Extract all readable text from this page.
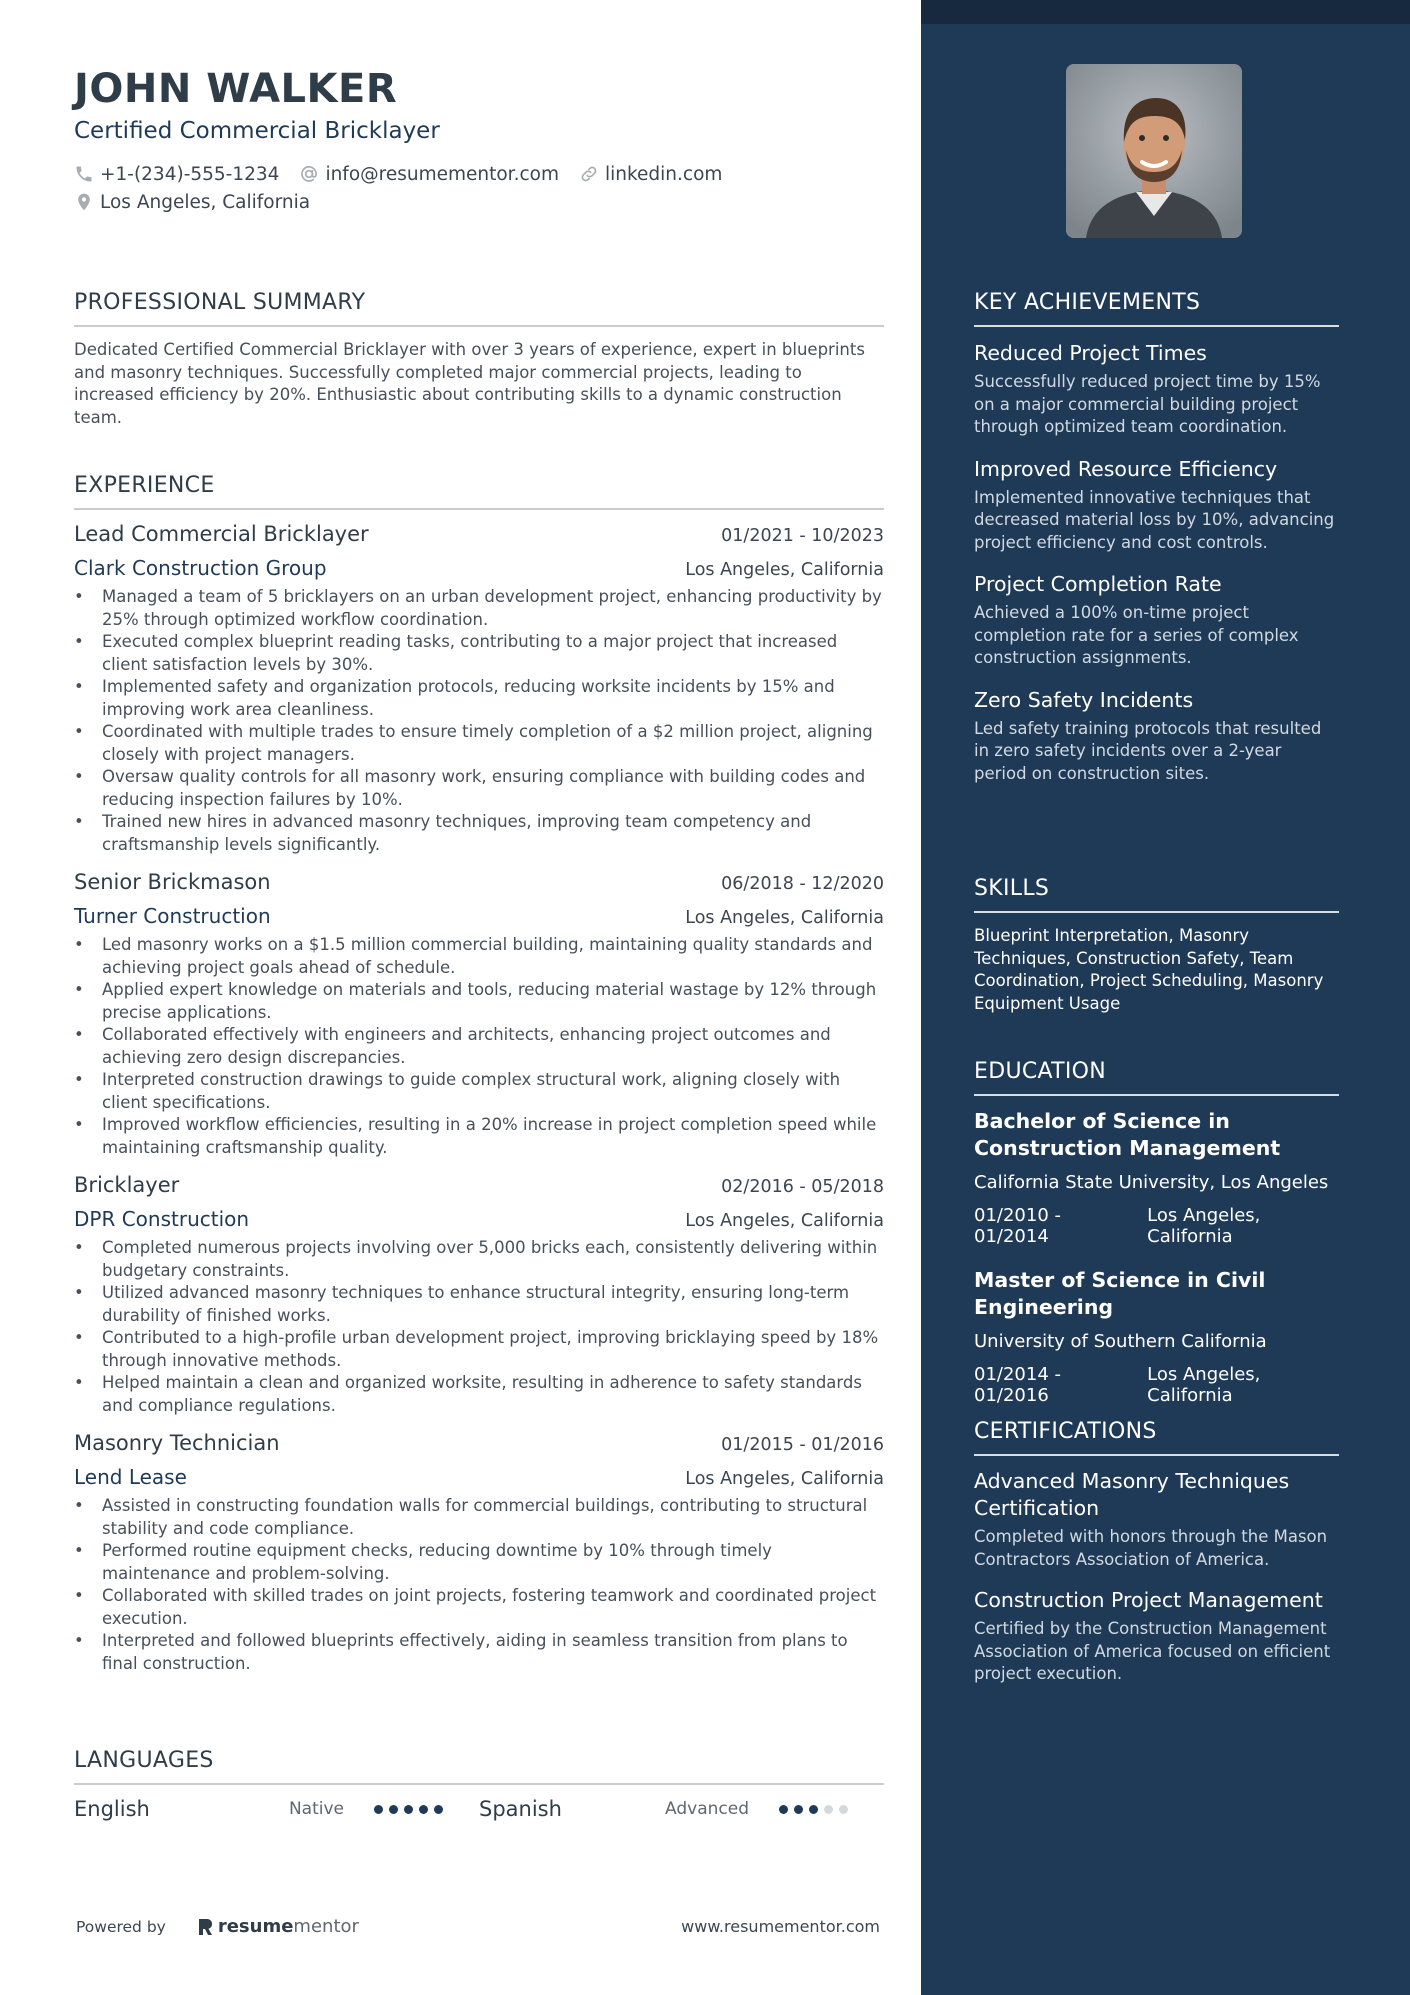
JOHN WALKER
Certified Commercial Bricklayer
+1-(234)-555-1234 info@resumementor.com linkedin.com
Los Angeles, California
PROFESSIONAL SUMMARY
Dedicated Certified Commercial Bricklayer with over 3 years of experience, expert in blueprints and masonry techniques. Successfully completed major commercial projects, leading to increased efficiency by 20%. Enthusiastic about contributing skills to a dynamic construction team.
EXPERIENCE
Lead Commercial Bricklayer	01/2021 - 10/2023
Clark Construction Group	Los Angeles, California
• Managed a team of 5 bricklayers on an urban development project, enhancing productivity by 25% through optimized workflow coordination.
• Executed complex blueprint reading tasks, contributing to a major project that increased client satisfaction levels by 30%.
• Implemented safety and organization protocols, reducing worksite incidents by 15% and improving work area cleanliness.
• Coordinated with multiple trades to ensure timely completion of a $2 million project, aligning closely with project managers.
• Oversaw quality controls for all masonry work, ensuring compliance with building codes and reducing inspection failures by 10%.
• Trained new hires in advanced masonry techniques, improving team competency and craftsmanship levels significantly.
Senior Brickmason	06/2018 - 12/2020
Turner Construction	Los Angeles, California
• Led masonry works on a $1.5 million commercial building, maintaining quality standards and achieving project goals ahead of schedule.
• Applied expert knowledge on materials and tools, reducing material wastage by 12% through precise applications.
• Collaborated effectively with engineers and architects, enhancing project outcomes and achieving zero design discrepancies.
• Interpreted construction drawings to guide complex structural work, aligning closely with client specifications.
• Improved workflow efficiencies, resulting in a 20% increase in project completion speed while maintaining craftsmanship quality.
Bricklayer	02/2016 - 05/2018
DPR Construction	Los Angeles, California
• Completed numerous projects involving over 5,000 bricks each, consistently delivering within budgetary constraints.
• Utilized advanced masonry techniques to enhance structural integrity, ensuring long-term durability of finished works.
• Contributed to a high-profile urban development project, improving bricklaying speed by 18% through innovative methods.
• Helped maintain a clean and organized worksite, resulting in adherence to safety standards and compliance regulations.
Masonry Technician	01/2015 - 01/2016
Lend Lease	Los Angeles, California
• Assisted in constructing foundation walls for commercial buildings, contributing to structural stability and code compliance.
• Performed routine equipment checks, reducing downtime by 10% through timely maintenance and problem-solving.
• Collaborated with skilled trades on joint projects, fostering teamwork and coordinated project execution.
• Interpreted and followed blueprints effectively, aiding in seamless transition from plans to final construction.
LANGUAGES
English	Native	Spanish	Advanced
Powered by	resume mentor	www.resumementor.com
KEY ACHIEVEMENTS
Reduced Project Times
Successfully reduced project time by 15% on a major commercial building project through optimized team coordination.
Improved Resource Efficiency
Implemented innovative techniques that decreased material loss by 10%, advancing project efficiency and cost controls.
Project Completion Rate
Achieved a 100% on-time project completion rate for a series of complex construction assignments.
Zero Safety Incidents
Led safety training protocols that resulted in zero safety incidents over a 2-year period on construction sites.
SKILLS
Blueprint Interpretation, Masonry Techniques, Construction Safety, Team Coordination, Project Scheduling, Masonry Equipment Usage
EDUCATION
Bachelor of Science in Construction Management
California State University, Los Angeles
01/2010 - 01/2014
Los Angeles, California
Master of Science in Civil Engineering
University of Southern California
01/2014 - 01/2016
Los Angeles, California
CERTIFICATIONS
Advanced Masonry Techniques Certification
Completed with honors through the Mason Contractors Association of America.
Construction Project Management
Certified by the Construction Management Association of America focused on efficient project execution.
